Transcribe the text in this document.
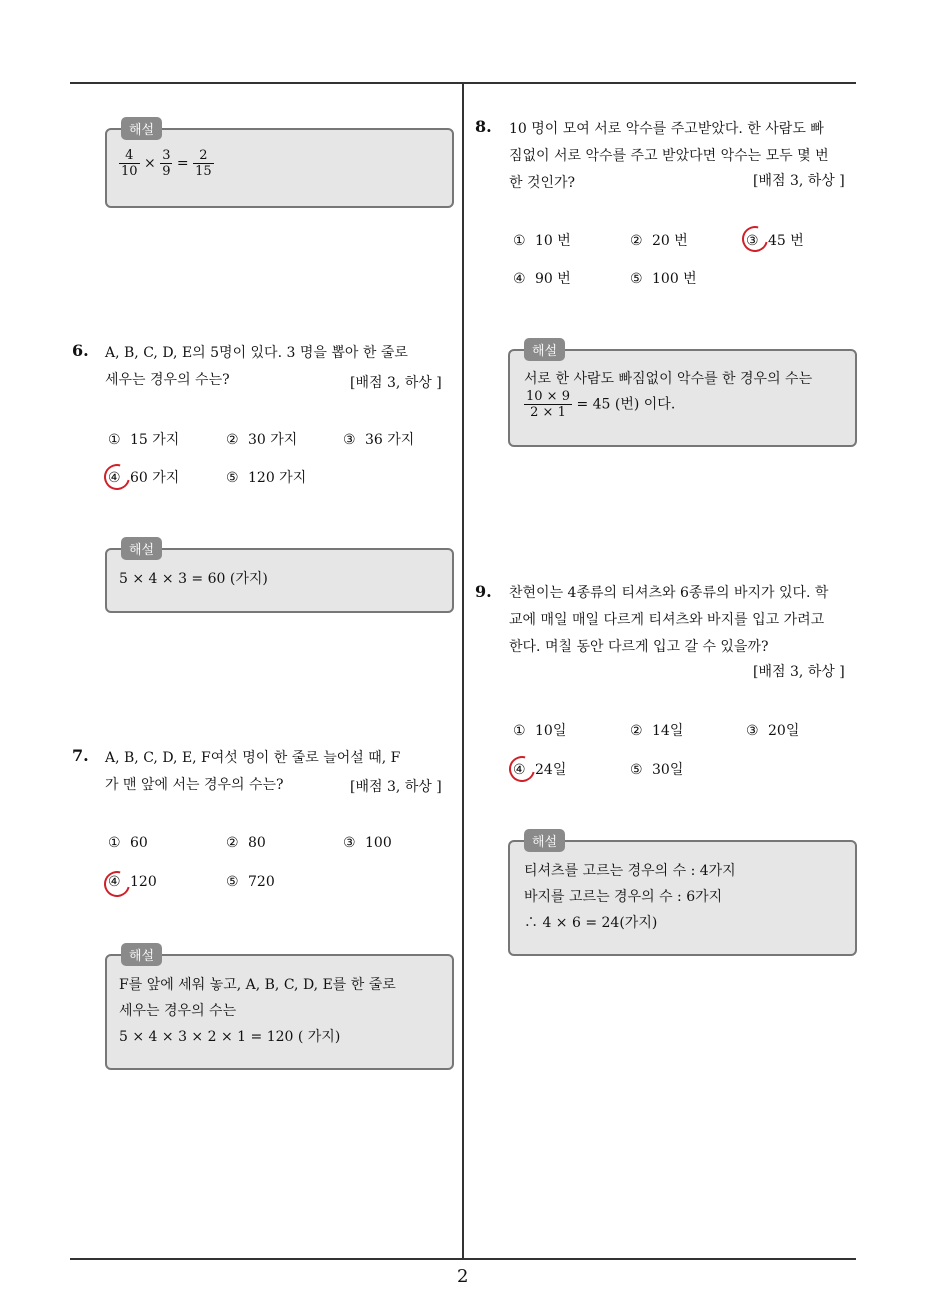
해설
$\frac{4}{10} \times \frac{3}{9} = \frac{2}{15}$
6. A, B, C, D, E의 5명이 있다. 3 명을 뽑아 한 줄로
세우는 경우의 수는?	[배점 3, 하상 ]
① 15 가지	② 30 가지	③ 36 가지
④ 60 가지	⑤ 120 가지
해설
5 × 4 × 3 = 60 (가지)
7. A, B, C, D, E, F여섯 명이 한 줄로 늘어설 때, F
가 맨 앞에 서는 경우의 수는?	[배점 3, 하상 ]
① 60	② 80	③ 100
④ 120	⑤ 720
해설
F를 앞에 세워 놓고, A, B, C, D, E를 한 줄로
세우는 경우의 수는
5 × 4 × 3 × 2 × 1 = 120 ( 가지)
8. 10 명이 모여 서로 악수를 주고받았다. 한 사람도 빠
짐없이 서로 악수를 주고 받았다면 악수는 모두 몇 번
한 것인가?	[배점 3, 하상 ]
① 10 번	② 20 번	③ 45 번
④ 90 번	⑤ 100 번
해설
서로 한 사람도 빠짐없이 악수를 한 경우의 수는
$\frac{10 \times 9}{2 \times 1} = 45$ (번) 이다.
9. 찬현이는 4종류의 티셔츠와 6종류의 바지가 있다. 학
교에 매일 매일 다르게 티셔츠와 바지를 입고 가려고
한다. 며칠 동안 다르게 입고 갈 수 있을까?
[배점 3, 하상 ]
① 10일	② 14일	③ 20일
④ 24일	⑤ 30일
해설
티셔츠를 고르는 경우의 수 : 4가지
바지를 고르는 경우의 수 : 6가지
∴ 4 × 6 = 24(가지)
2
